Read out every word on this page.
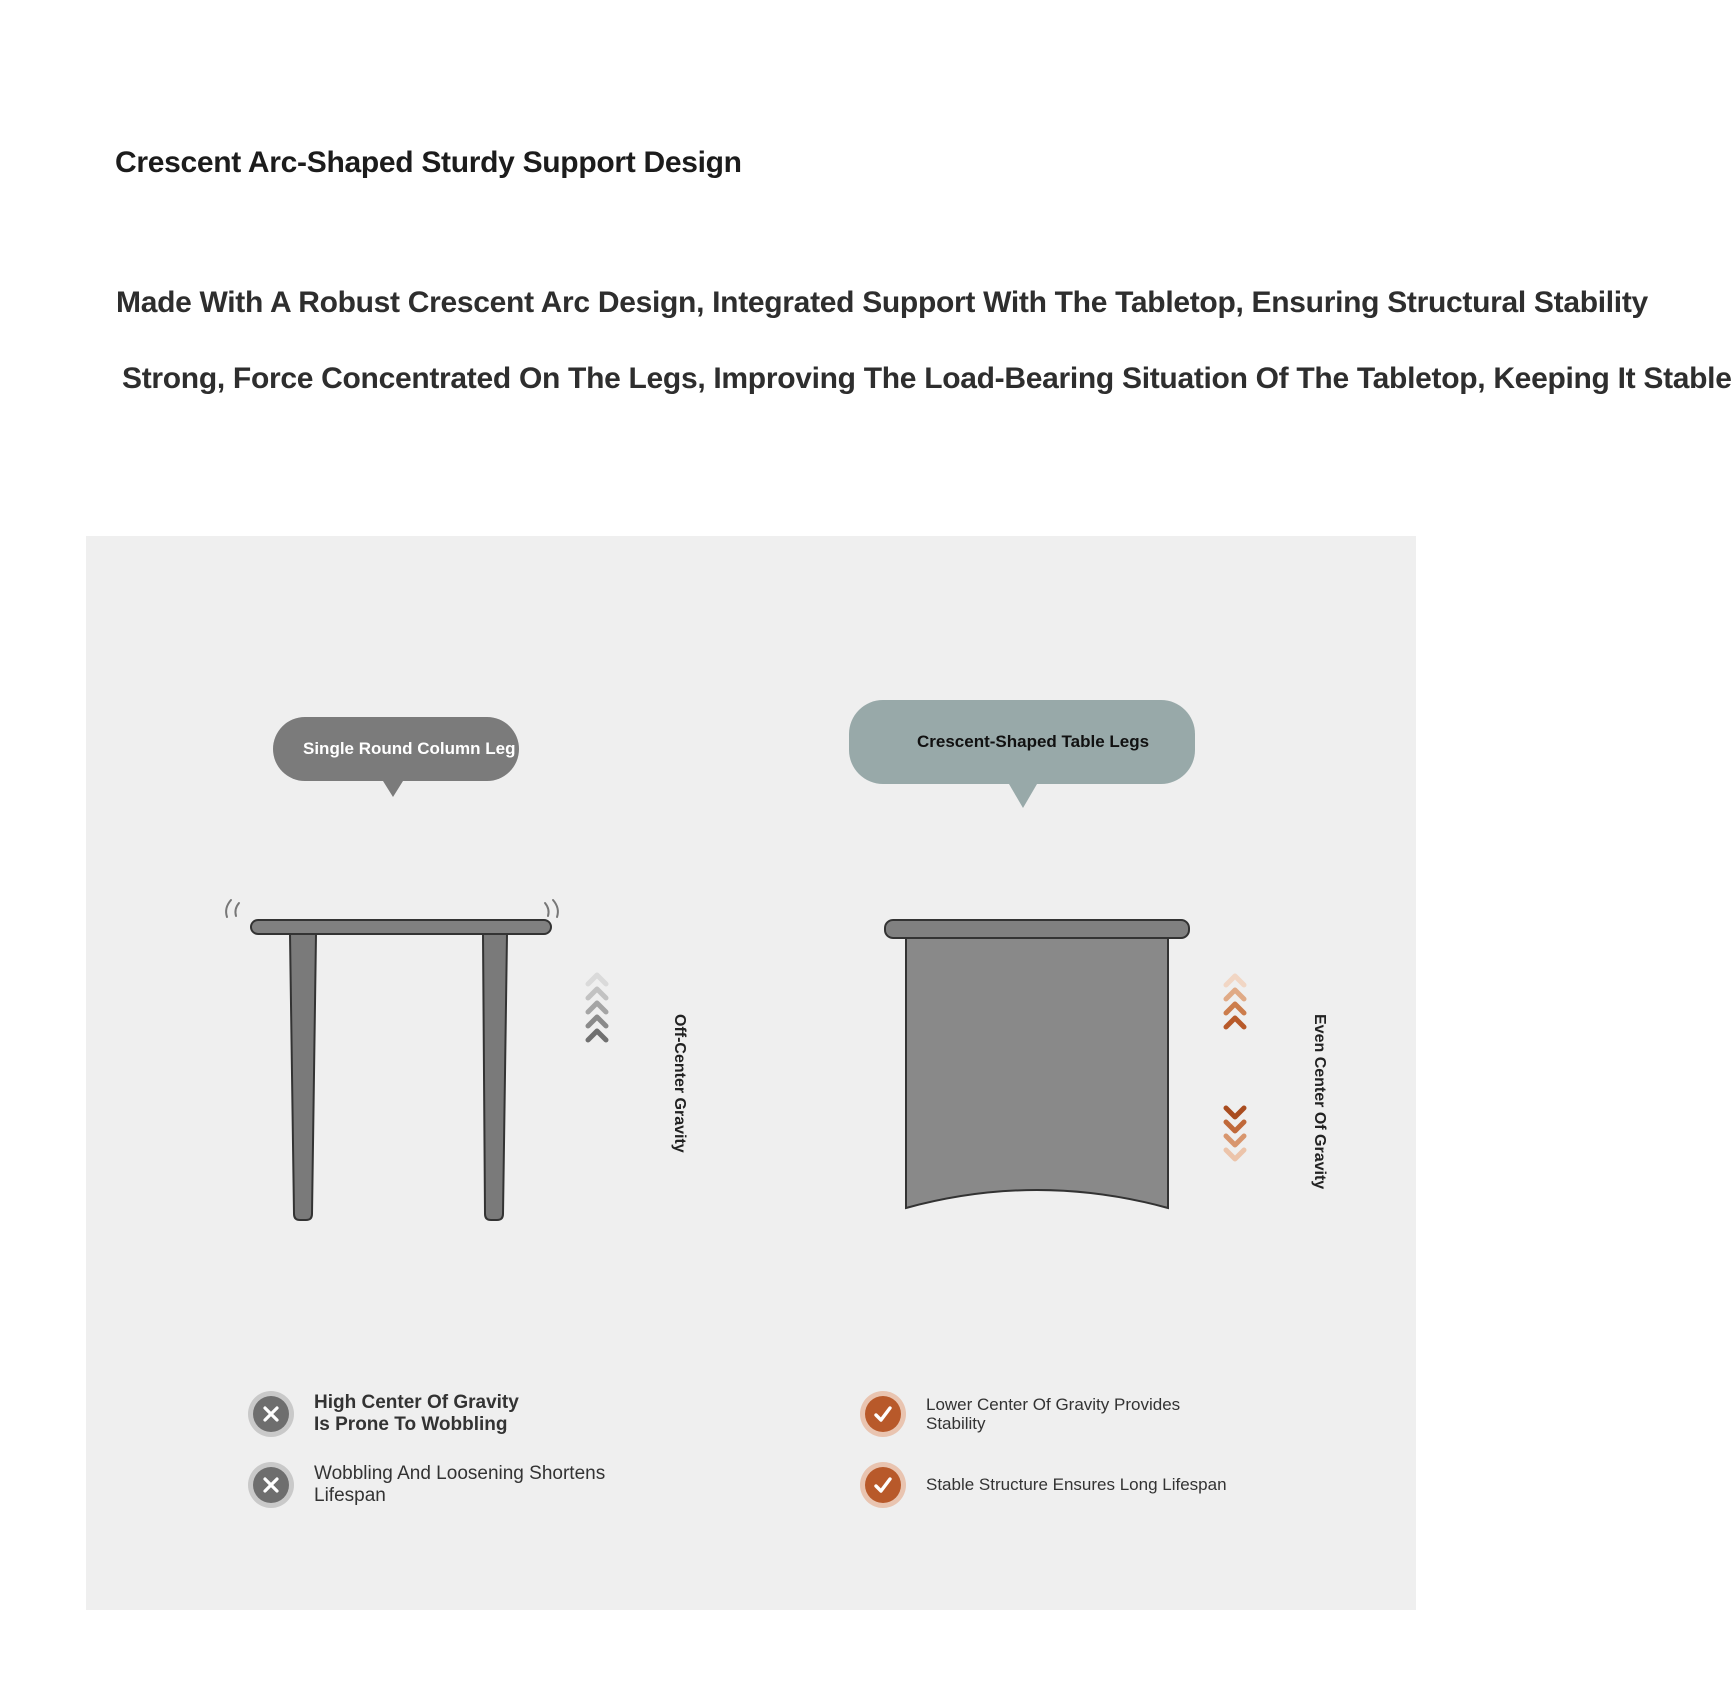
Crescent Arc-Shaped Sturdy Support Design

Made With A Robust Crescent Arc Design, Integrated Support With The Tabletop, Ensuring Structural Stability

Strong, Force Concentrated On The Legs, Improving The Load-Bearing Situation Of The Tabletop, Keeping It Stable

Single Round Column Leg	Crescent-Shaped Table Legs
Off-Center Gravity	Even Center Of Gravity
High Center Of Gravity Is Prone To Wobbling
Wobbling And Loosening Shortens Lifespan
Lower Center Of Gravity Provides Stability
Stable Structure Ensures Long Lifespan
